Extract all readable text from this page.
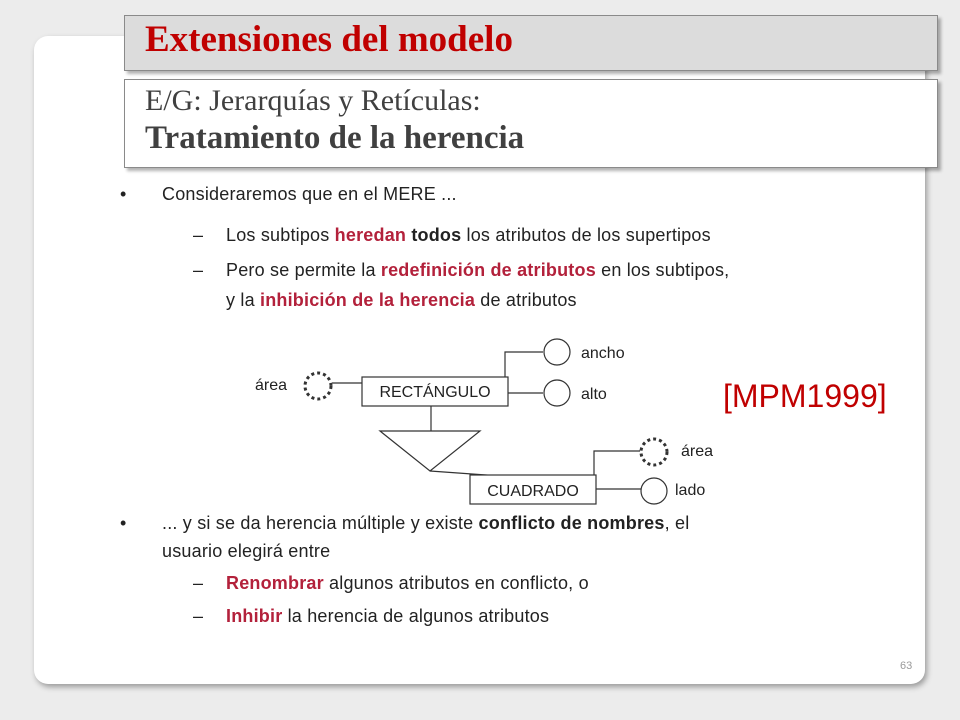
Extensiones del modelo
E/G: Jerarquías y Retículas:
Tratamiento de la herencia
• Consideraremos que en el MERE ...
– Los subtipos heredan todos los atributos de los supertipos
– Pero se permite la redefinición de atributos en los subtipos,
y la inhibición de la herencia de atributos
RECTÁNGULO
ancho
alto
área
CUADRADO
área
lado
[MPM1999]
• ... y si se da herencia múltiple y existe conflicto de nombres, el
usuario elegirá entre
– Renombrar algunos atributos en conflicto, o
– Inhibir la herencia de algunos atributos
63
